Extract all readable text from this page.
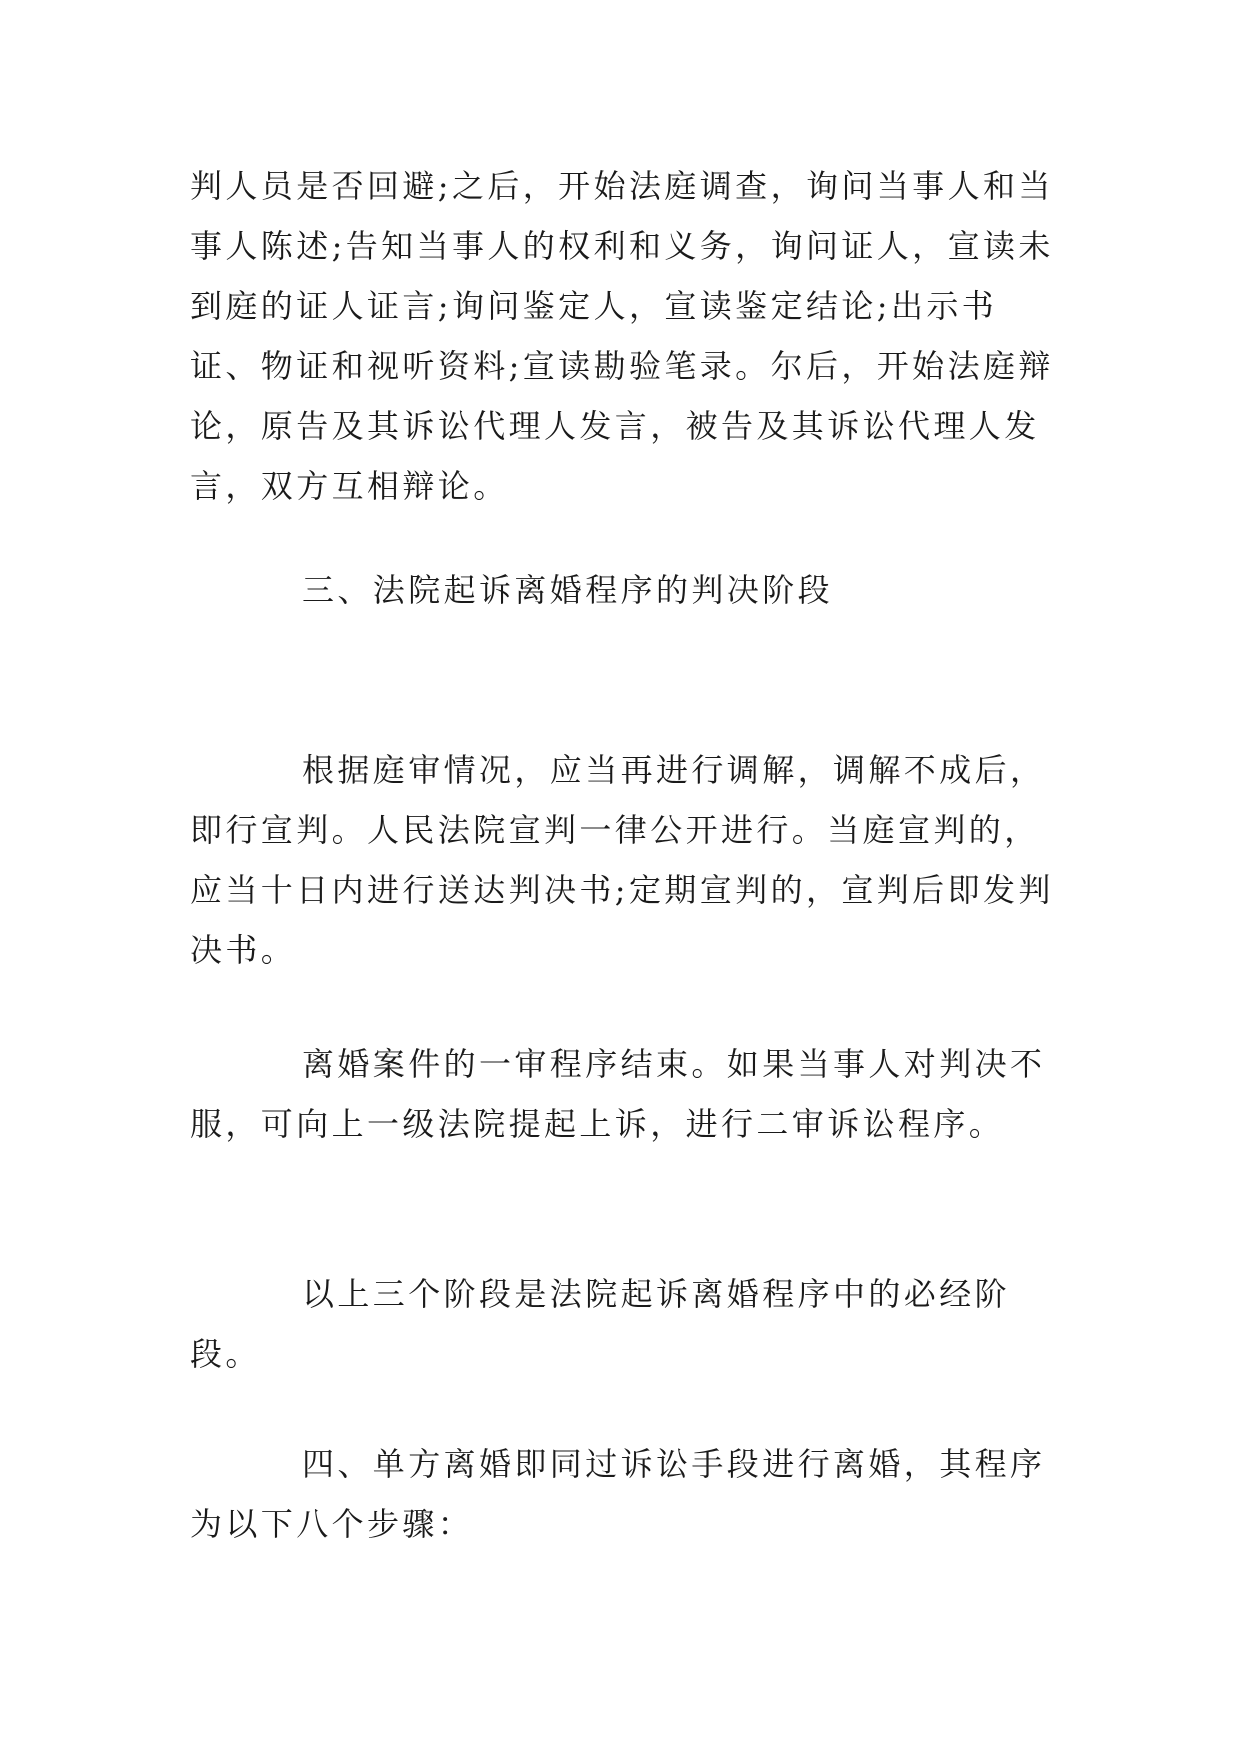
判人员是否回避;之后，开始法庭调查，询问当事人和当事人陈述;告知当事人的权利和义务，询问证人，宣读未到庭的证人证言;询问鉴定人，宣读鉴定结论;出示书证、物证和视听资料;宣读勘验笔录。尔后，开始法庭辩论，原告及其诉讼代理人发言，被告及其诉讼代理人发言，双方互相辩论。

三、法院起诉离婚程序的判决阶段

根据庭审情况，应当再进行调解，调解不成后，即行宣判。人民法院宣判一律公开进行。当庭宣判的，应当十日内进行送达判决书;定期宣判的，宣判后即发判决书。

离婚案件的一审程序结束。如果当事人对判决不服，可向上一级法院提起上诉，进行二审诉讼程序。

以上三个阶段是法院起诉离婚程序中的必经阶段。

四、单方离婚即同过诉讼手段进行离婚，其程序为以下八个步骤：
